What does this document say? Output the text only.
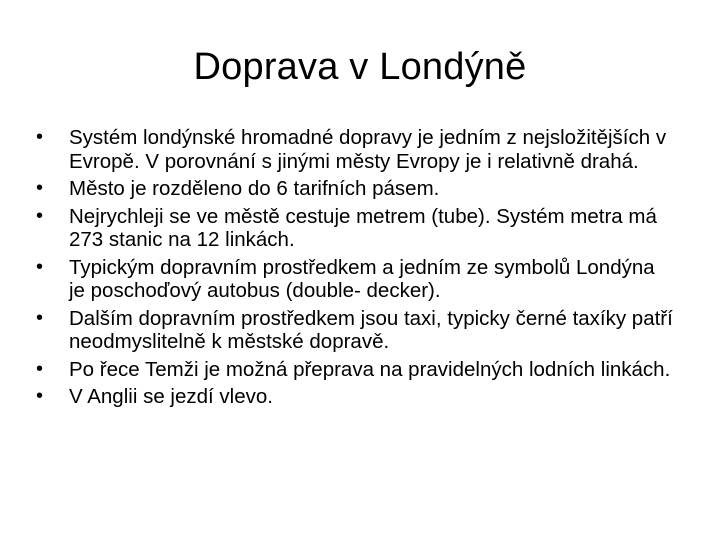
Doprava v Londýně
•	Systém londýnské hromadné dopravy je jedním z nejsložitějších v Evropě. V porovnání s jinými městy Evropy je i relativně drahá.
•	Město je rozděleno do 6 tarifních pásem.
•	Nejrychleji se ve městě cestuje metrem (tube). Systém metra má 273 stanic na 12 linkách.
•	Typickým dopravním prostředkem a jedním ze symbolů Londýna je poschoďový autobus (double- decker).
•	Dalším dopravním prostředkem jsou taxi, typicky černé taxíky patří neodmyslitelně k městské dopravě.
•	Po řece Temži je možná přeprava na pravidelných lodních linkách.
•	V Anglii se jezdí vlevo.
